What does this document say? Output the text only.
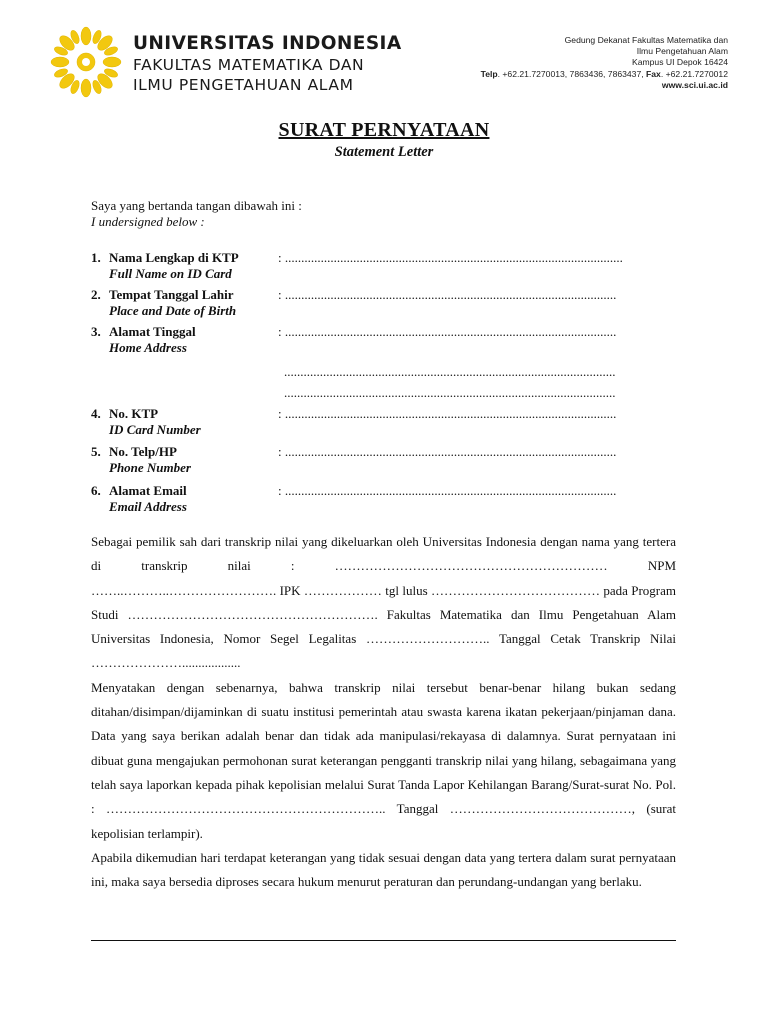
UNIVERSITAS INDONESIA
FAKULTAS MATEMATIKA DAN
ILMU PENGETAHUAN ALAM
Gedung Dekanat Fakultas Matematika dan
Ilmu Pengetahuan Alam
Kampus UI Depok 16424
Telp. +62.21.7270013, 7863436, 7863437, Fax. +62.21.7270012
www.sci.ui.ac.id
SURAT PERNYATAAN
Statement Letter
Saya yang bertanda tangan dibawah ini :
I undersigned below :
1. Nama Lengkap di KTP
Full Name on ID Card
: ........................................................................................................
2. Tempat Tanggal Lahir
Place and Date of Birth
: ......................................................................................................
3. Alamat Tinggal
Home Address
: ......................................................................................................
......................................................................................................
......................................................................................................
4. No. KTP
ID Card Number
: ......................................................................................................
5. No. Telp/HP
Phone Number
: ......................................................................................................
6. Alamat Email
Email Address
: ......................................................................................................

Sebagai pemilik sah dari transkrip nilai yang dikeluarkan oleh Universitas Indonesia dengan nama yang tertera di transkrip nilai : ……………………………………………………… NPM ……..………..……………………. IPK ……………… tgl lulus ………………………………… pada Program Studi …………………………………………………. Fakultas Matematika dan Ilmu Pengetahuan Alam Universitas Indonesia, Nomor Segel Legalitas ……………………….. Tanggal Cetak Transkrip Nilai …………………..................

Menyatakan dengan sebenarnya, bahwa transkrip nilai tersebut benar-benar hilang bukan sedang ditahan/disimpan/dijaminkan di suatu institusi pemerintah atau swasta karena ikatan pekerjaan/pinjaman dana. Data yang saya berikan adalah benar dan tidak ada manipulasi/rekayasa di dalamnya. Surat pernyataan ini dibuat guna mengajukan permohonan surat keterangan pengganti transkrip nilai yang hilang, sebagaimana yang telah saya laporkan kepada pihak kepolisian melalui Surat Tanda Lapor Kehilangan Barang/Surat-surat No. Pol. : ……………………………………………………….. Tanggal ……………………………………, (surat kepolisian terlampir).

Apabila dikemudian hari terdapat keterangan yang tidak sesuai dengan data yang tertera dalam surat pernyataan ini, maka saya bersedia diproses secara hukum menurut peraturan dan perundang-undangan yang berlaku.
